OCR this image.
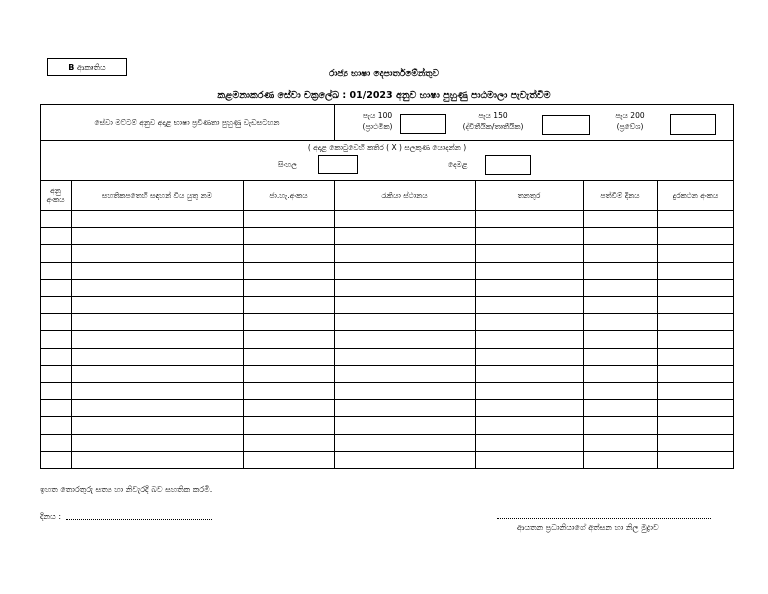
B ආකෘතිය
රාජ්‍ය භාෂා දෙපාර්තමේන්තුව
කළමනාකරණ සේවා චක්‍රලේඛ : 01/2023 අනුව භාෂා පුහුණු පාඨමාලා පැවැත්වීම
සේවා මට්ටම් අනුව අදාළ භාෂා ප්‍රවීණතා පුහුණු වැඩසටහන
පැය 100
(ප්‍රාථමික)
පැය 150
(ද්විතීයික/තෘතීයික)
පැය 200
(ප්‍රවේශ)
( අදාළ කොටුවෙහි කතිර ( X ) සලකුණ යොදන්න )
සිංහල	දෙමළ
අනු අංකය	සහතිකපතෙහි සඳහන් විය යුතු නම	ජා.හැ.අංකය	රැකියා ස්ථානය	තනතුර	පත්වීම් දිනය	දුරකථන අංකය
ඉහත තොරතුරු සත්‍ය හා නිවැරදි බව සහතික කරමි.
දිනය :
ආයතන ප්‍රධානියාගේ අත්සන හා නිල මුද්‍රාව
